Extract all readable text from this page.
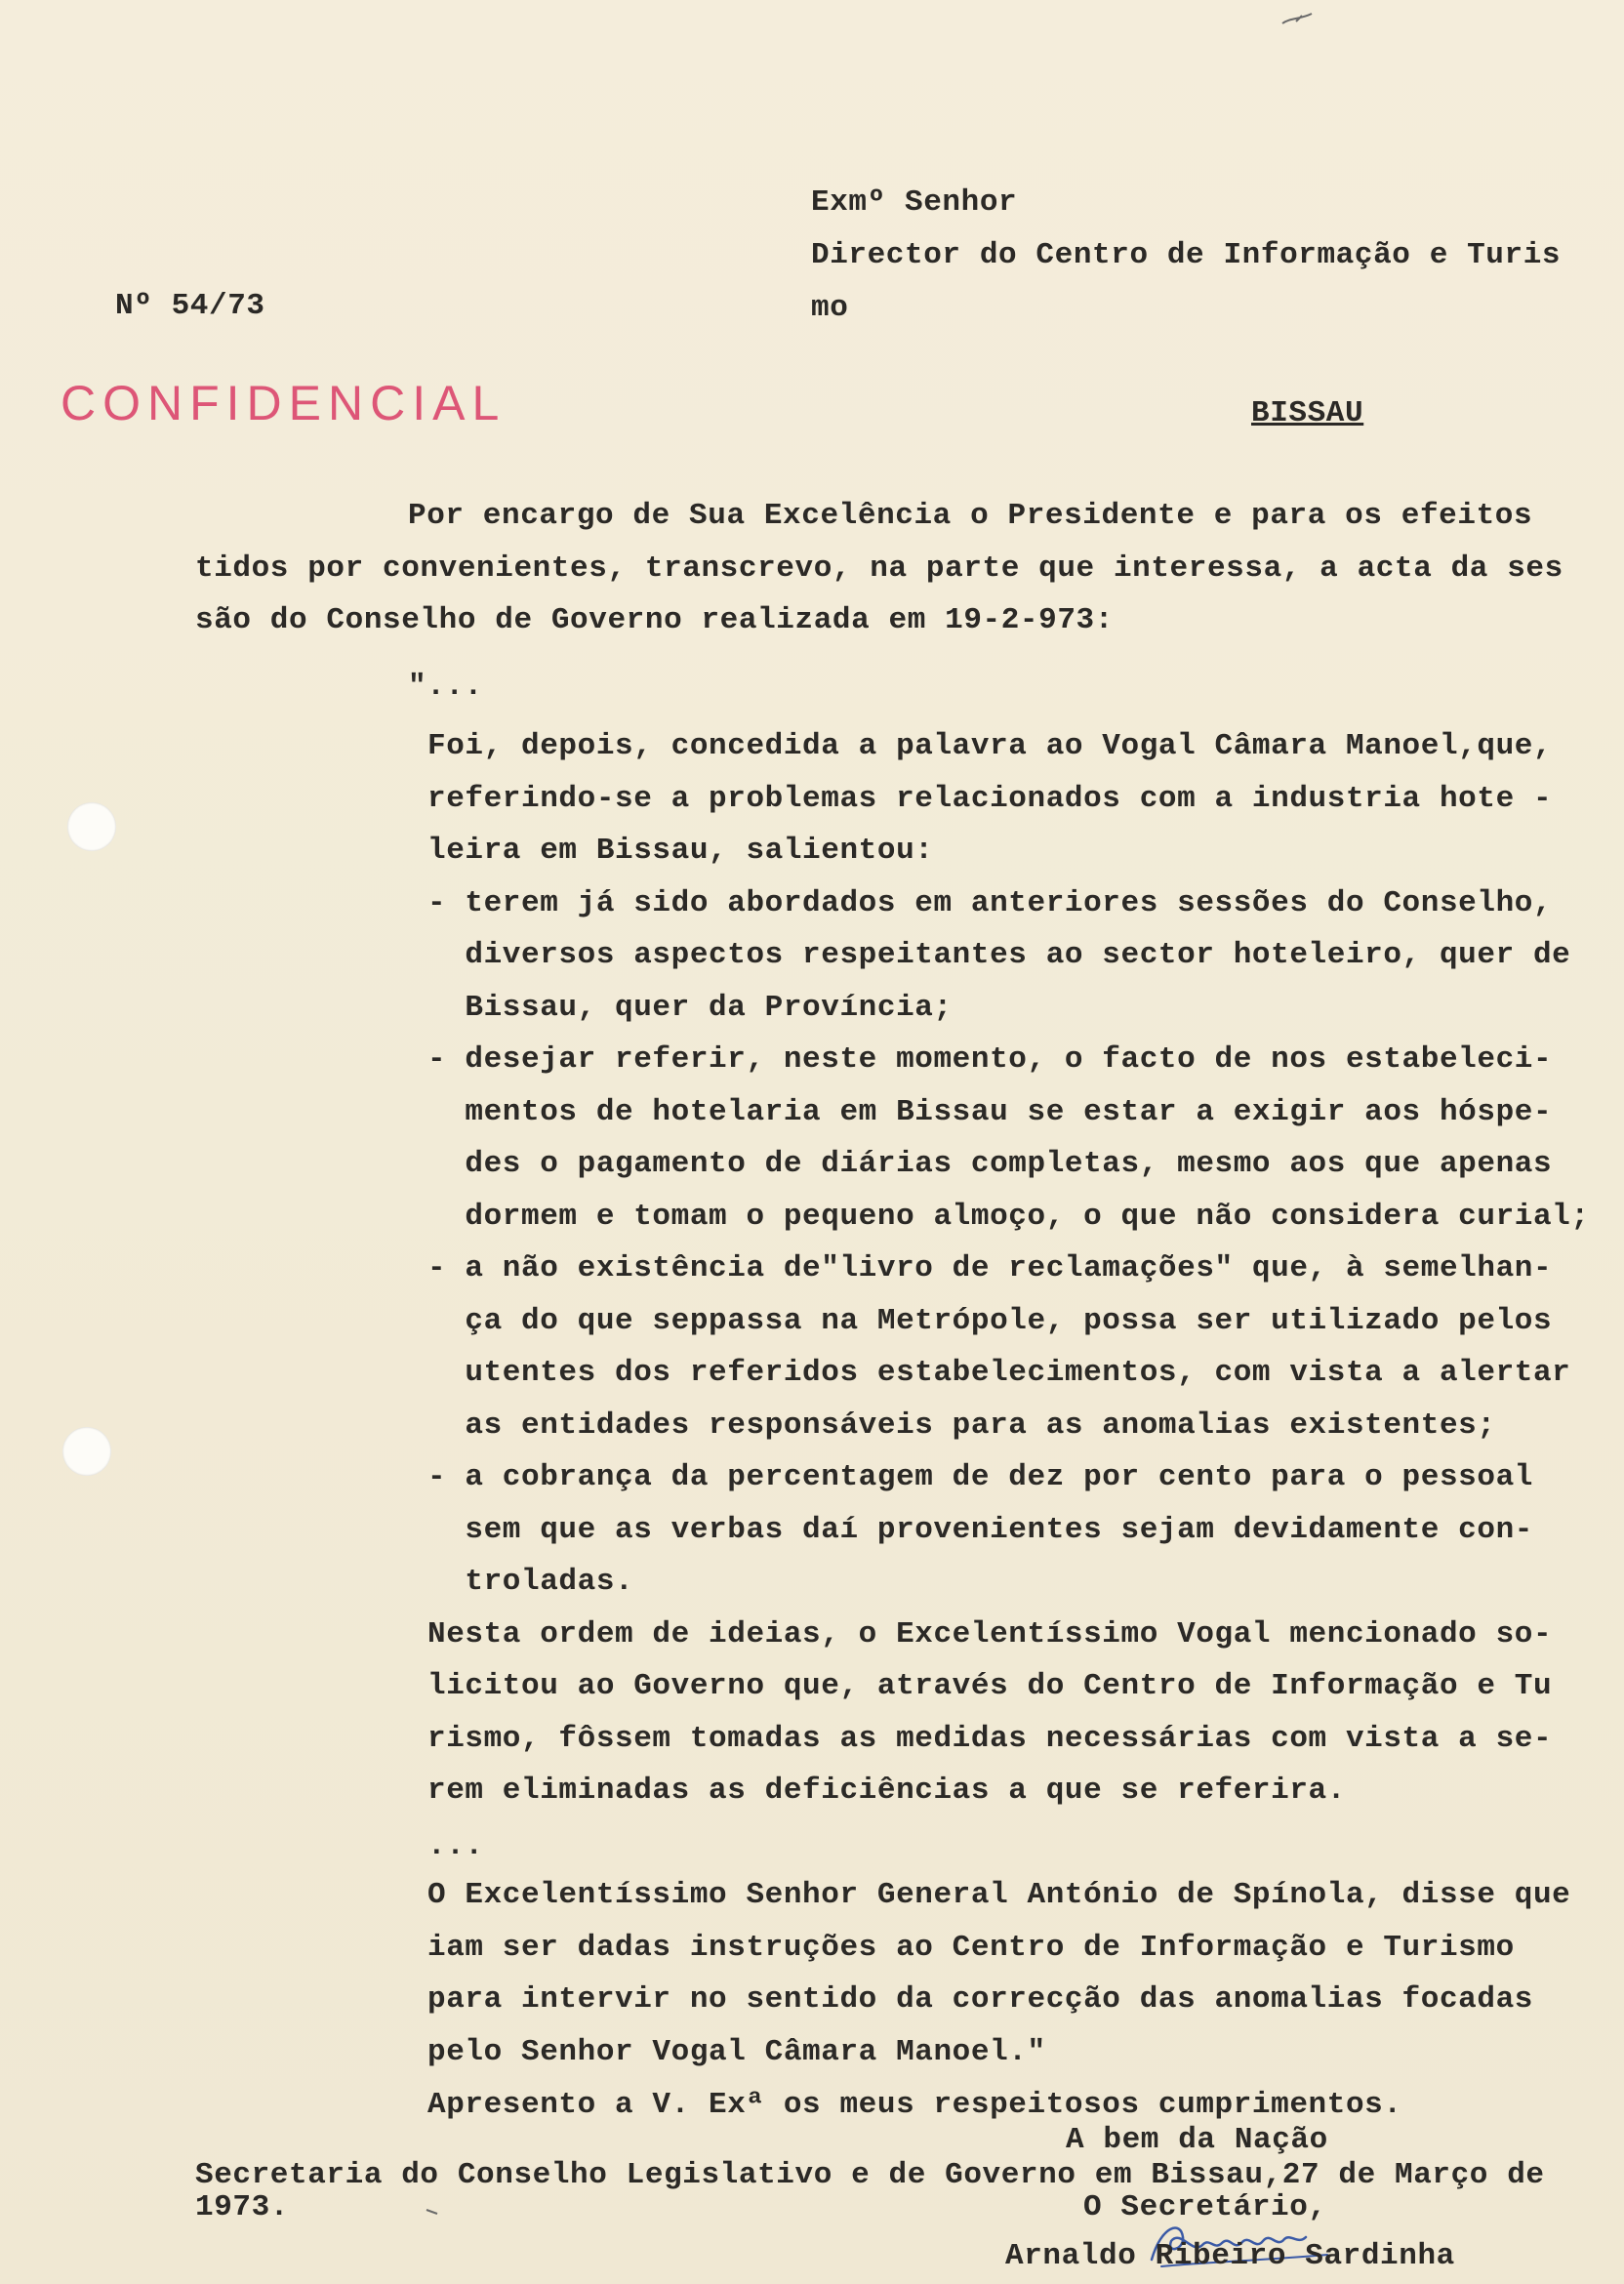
Exmº Senhor
Director do Centro de Informação e Turis
Nº 54/73	mo
CONFIDENCIAL	BISSAU
Por encargo de Sua Excelência o Presidente e para os efeitos
tidos por convenientes, transcrevo, na parte que interessa, a acta da ses
são do Conselho de Governo realizada em 19-2-973:
"...
Foi, depois, concedida a palavra ao Vogal Câmara Manoel,que,
referindo-se a problemas relacionados com a industria hote -
leira em Bissau, salientou:
- terem já sido abordados em anteriores sessões do Conselho,
diversos aspectos respeitantes ao sector hoteleiro, quer de
Bissau, quer da Província;
- desejar referir, neste momento, o facto de nos estabeleci-
mentos de hotelaria em Bissau se estar a exigir aos hóspe-
des o pagamento de diárias completas, mesmo aos que apenas
dormem e tomam o pequeno almoço, o que não considera curial;
- a não existência de"livro de reclamações" que, à semelhan-
ça do que seppassa na Metrópole, possa ser utilizado pelos
utentes dos referidos estabelecimentos, com vista a alertar
as entidades responsáveis para as anomalias existentes;
- a cobrança da percentagem de dez por cento para o pessoal
sem que as verbas daí provenientes sejam devidamente con-
troladas.
Nesta ordem de ideias, o Excelentíssimo Vogal mencionado so-
licitou ao Governo que, através do Centro de Informação e Tu
rismo, fôssem tomadas as medidas necessárias com vista a se-
rem eliminadas as deficiências a que se referira.
...
O Excelentíssimo Senhor General António de Spínola, disse que
iam ser dadas instruções ao Centro de Informação e Turismo
para intervir no sentido da correcção das anomalias focadas
pelo Senhor Vogal Câmara Manoel."
Apresento a V. Exª os meus respeitosos cumprimentos.
A bem da Nação
Secretaria do Conselho Legislativo e de Governo em Bissau,27 de Março de
1973.	O Secretário,
Arnaldo Ribeiro Sardinha
